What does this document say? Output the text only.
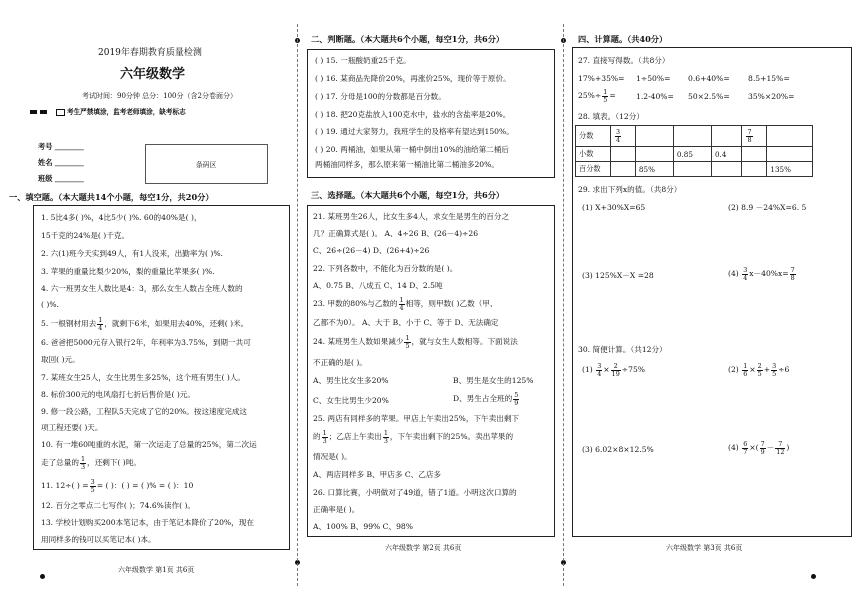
2019年春期教育质量检测
六年级数学
考试时间：90分钟 总分：100分（含2分卷面分）
考生严禁填涂，监考老师填涂，缺考标志
考号 ＿＿＿＿
姓名 ＿＿＿＿
班级 ＿＿＿＿
条码区
一、填空题。（本大题共14个小题，每空1分，共20分）
1. 5比4多( )%，4比5少( )%. 60的40%是( )，
15千克的24%是( )千克。
2. 六(1)班今天实到49人，有1人没来，出勤率为( )%.
3. 苹果的重量比梨少20%，梨的重量比苹果多( )%.
4. 六一班男女生人数比是4：3，那么女生人数占全班人数的
( )%.
5. 一根钢材用去 $\frac{1}{4}$ ，就剩下6米，如果用去40%，还剩( )米。
6. 爸爸把5000元存入银行2年，年利率为3.75%，到期一共可
取回( )元。
7. 某班女生25人，女生比男生多25%，这个班有男生( )人。
8. 标价300元的电风扇打七折后售价是( )元。
9. 修一段公路，工程队5天完成了它的20%。按这速度完成这
项工程还要( )天。
10. 有一堆60吨重的水泥，第一次运走了总量的25%，第二次运
走了总量的 $\frac{1}{3}$ ，还剩下( )吨。
11. 12÷( ) = $\frac{3}{5}$ = ( )：( ) = ( )% = ( )：10
12. 百分之零点二七写作( )；74.6%读作( )。
13. 学校计划购买200本笔记本，由于笔记本降价了20%，现在
用同样多的钱可以买笔记本( )本。
六年级数学 第1页 共6页
二、判断题。（本大题共6个小题，每空1分，共6分）
( ) 15. 一瓶酸奶重25千克。
( ) 16. 某商品先降价20%，再涨价25%，现价等于原价。
( ) 17. 分母是100的分数都是百分数。
( ) 18. 把20克盐放入100克水中，盐水的含盐率是20%。
( ) 19. 通过大家努力，我班学生的及格率有望达到150%。
( ) 20. 两桶油，如果从第一桶中倒出10%的油给第二桶后
两桶油同样多，那么原来第一桶油比第二桶油多20%。
三、选择题。（本大题共6个小题，每空1分，共6分）
21. 某班男生26人，比女生多4人，求女生是男生的百分之
几？正确算式是( )。 A、4÷26 B、(26－4)÷26
C、26÷(26－4) D、(26+4)÷26
22. 下列各数中，不能化为百分数的是( )。
A、0.75 B、八成五 C、14 D、2.5吨
23. 甲数的80%与乙数的 $\frac{1}{4}$ 相等，则甲数( )乙数（甲、
乙都不为0）。 A、大于 B、小于 C、等于 D、无法确定
24. 某班男生人数如果减少 $\frac{1}{5}$ ，就与女生人数相等。下面说法
不正确的是( )。
A、男生比女生多20%	B、男生是女生的125%
C、女生比男生少20%	D、男生占全班的 $\frac{5}{9}$
25. 两店有同样多的苹果。甲店上午卖出25%，下午卖出剩下
的 $\frac{1}{3}$ ；乙店上午卖出 $\frac{1}{3}$ ，下午卖出剩下的25%。卖出苹果的
情况是( )。
A、两店同样多 B、甲店多 C、乙店多
26. 口算比赛，小明做对了49道，错了1道。小明这次口算的
正确率是( )。
A、100% B、99% C、98%
六年级数学 第2页 共6页
四、计算题。（共40分）
27. 直接写得数。（共8分）
17%+35%= 1÷50%= 0.6+40%= 8.5+15%=
$25\%\div \frac{1}{5}$ =	1.2-40%= 50×2.5%= 35%×20%=
28. 填表。（12分）
分数	$\frac{3}{4}$				$\frac{7}{8}$

小数			0.85	0.4		
百分数		85%				135%
29. 求出下列x的值。（共8分）
(1) X+30%X=65	(2) 8.9 －24%X=6. 5
(3) 125%X－X =28	$(4) \frac{3}{4} x-40\%x= \frac{7}{8}$
30. 简便计算。（共12分）
$(1) \frac{3}{4} \times \frac{2}{19} \div 75\%$	$(2) \frac{1}{6} \times \frac{2}{5} + \frac{3}{5} \div 6$
(3) 6.02×8×12.5%	$(4) \frac{6}{7}$ ×( $\frac{7}{9} - \frac{7}{12}$ )
六年级数学 第3页 共6页
